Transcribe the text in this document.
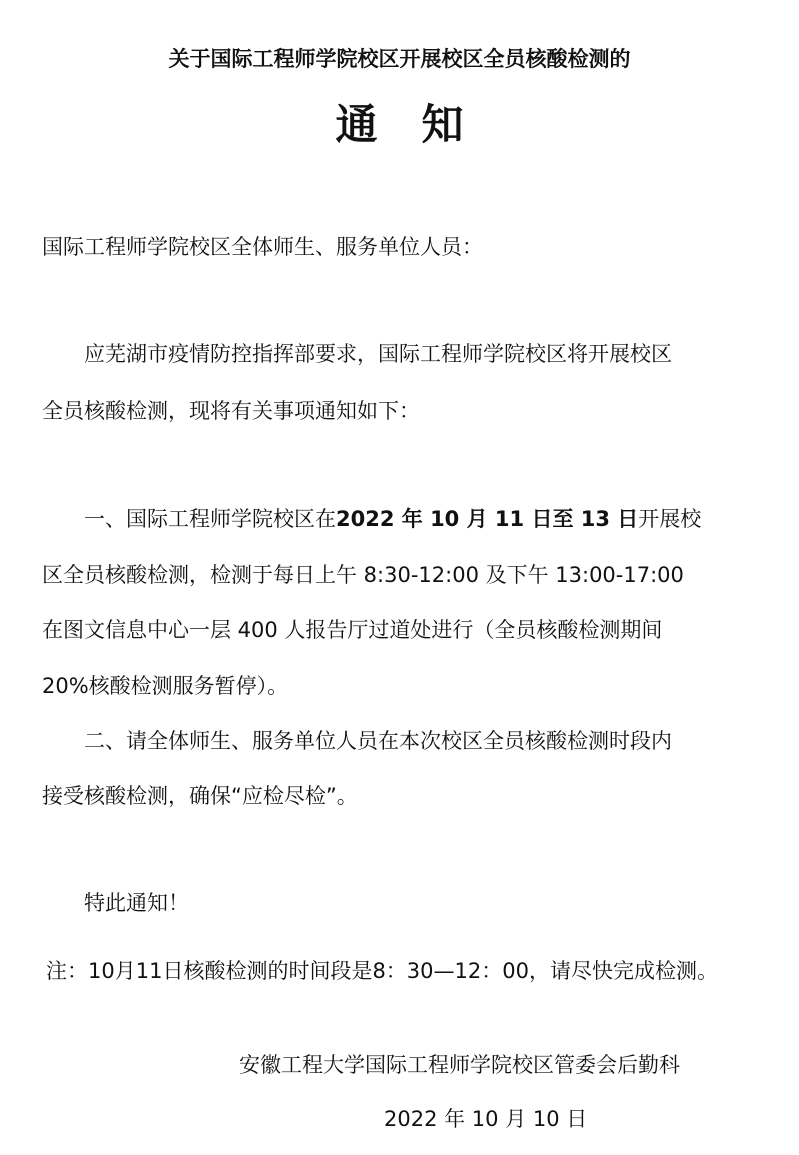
关于国际工程师学院校区开展校区全员核酸检测的
通知
国际工程师学院校区全体师生、服务单位人员：
应芜湖市疫情防控指挥部要求，国际工程师学院校区将开展校区
全员核酸检测，现将有关事项通知如下：
一、国际工程师学院校区在2022 年 10 月 11 日至 13 日开展校
区全员核酸检测，检测于每日上午 8:30-12:00 及下午 13:00-17:00
在图文信息中心一层 400 人报告厅过道处进行（全员核酸检测期间
20%核酸检测服务暂停）。
二、请全体师生、服务单位人员在本次校区全员核酸检测时段内
接受核酸检测，确保“应检尽检”。
特此通知！
注：10月11日核酸检测的时间段是8：30—12：00，请尽快完成检测。
安徽工程大学国际工程师学院校区管委会后勤科
2022 年 10 月 10 日
